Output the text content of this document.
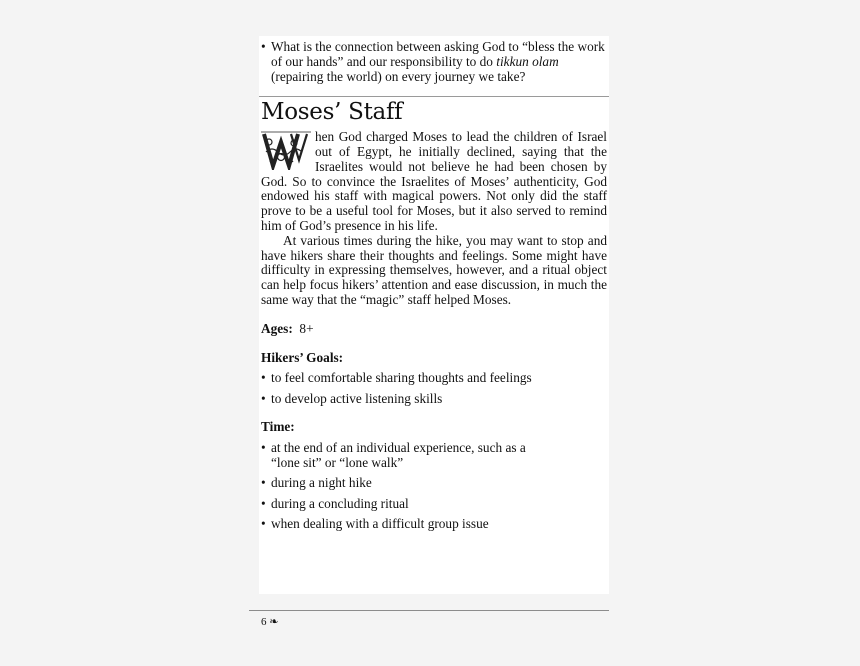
• What is the connection between asking God to “bless the work of our hands” and our responsibility to do tikkun olam (repairing the world) on every journey we take?
Moses’ Staff

W	hen God charged Moses to lead the children of Israel out of Egypt, he initially declined, saying that the Israelites would not believe he had been chosen by God. So to convince the Israelites of Moses’ authenticity, God endowed his staff with magical powers. Not only did the staff prove to be a useful tool for Moses, but it also served to remind him of God’s presence in his life.

At various times during the hike, you may want to stop and have hikers share their thoughts and feelings. Some might have difficulty in expressing themselves, however, and a ritual object can help focus hikers’ attention and ease discussion, in much the same way that the “magic” staff helped Moses.

Ages: 8+
Hikers’ Goals:
• to feel comfortable sharing thoughts and feelings
• to develop active listening skills
Time:
• at the end of an individual experience, such as a “lone sit” or “lone walk”
• during a night hike
• during a concluding ritual
• when dealing with a difficult group issue
6 ❧
